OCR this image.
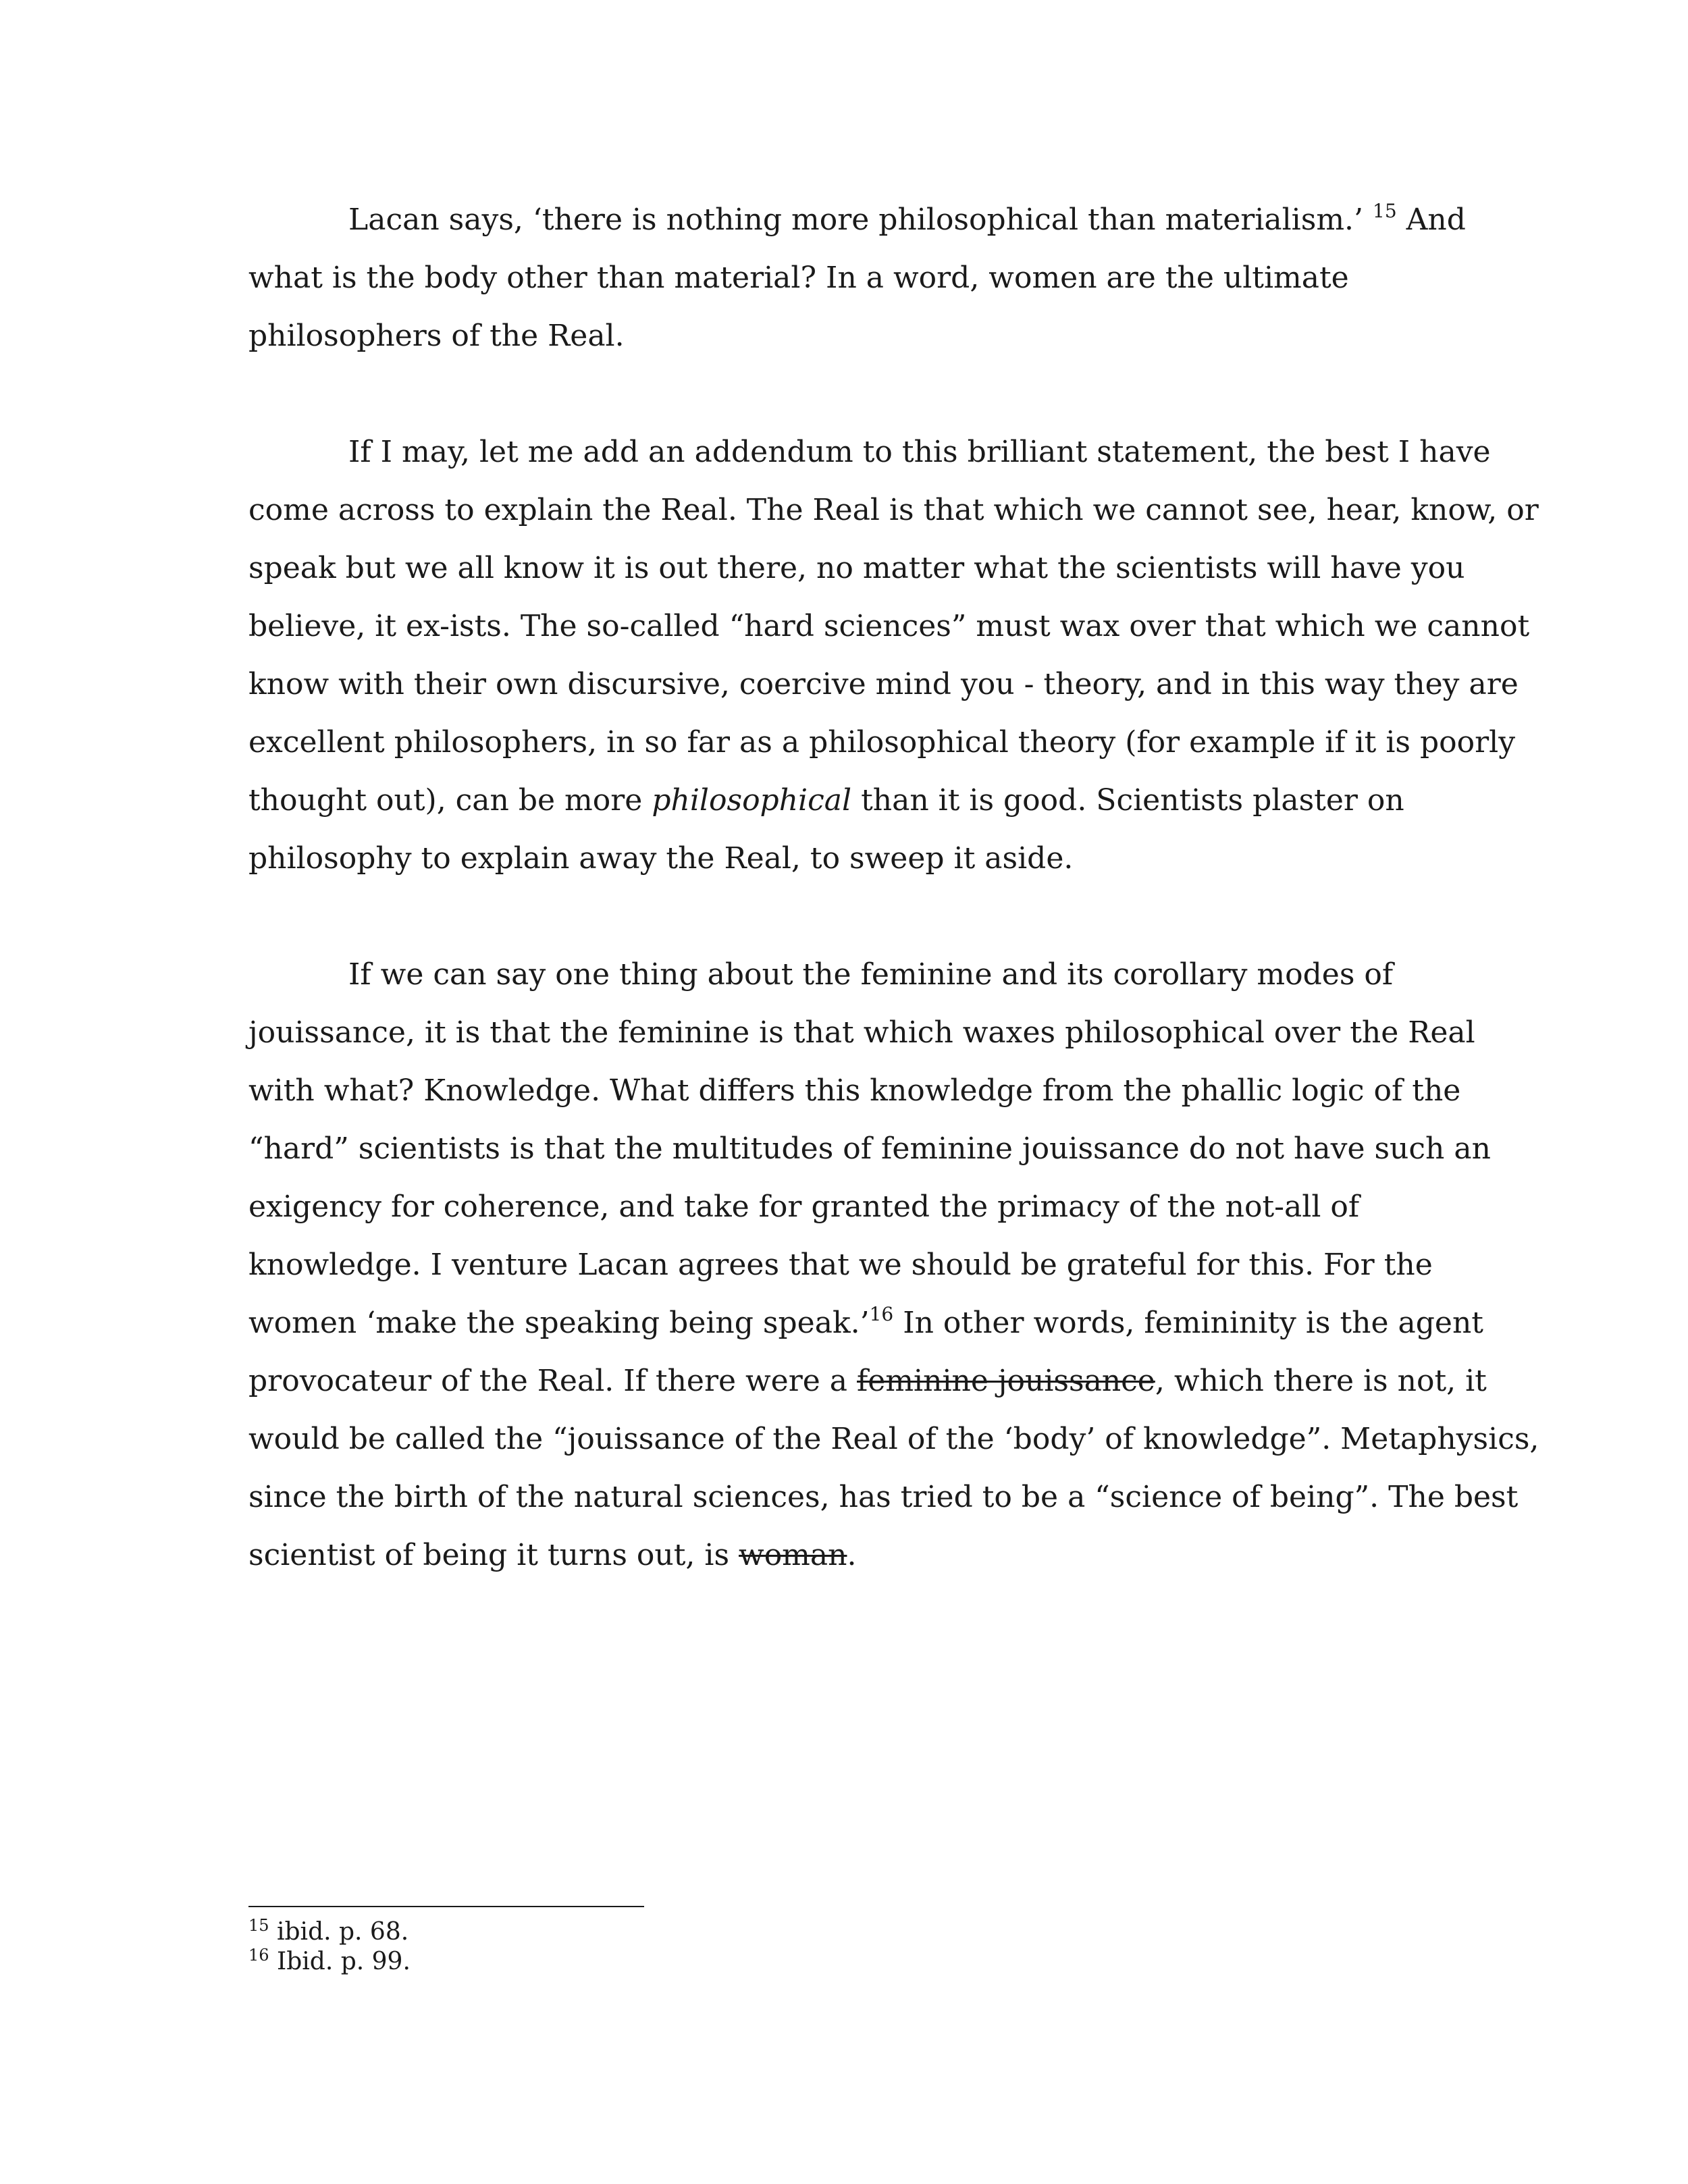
Lacan says, ‘there is nothing more philosophical than materialism.’ $^{15}$ And

what is the body other than material? In a word, women are the ultimate

philosophers of the Real.

If I may, let me add an addendum to this brilliant statement, the best I have

come across to explain the Real. The Real is that which we cannot see, hear, know, or

speak but we all know it is out there, no matter what the scientists will have you

believe, it ex-ists. The so-called “hard sciences” must wax over that which we cannot

know with their own discursive, coercive mind you - theory, and in this way they are

excellent philosophers, in so far as a philosophical theory (for example if it is poorly

thought out), can be more philosophical than it is good. Scientists plaster on

philosophy to explain away the Real, to sweep it aside.

If we can say one thing about the feminine and its corollary modes of

jouissance, it is that the feminine is that which waxes philosophical over the Real

with what? Knowledge. What differs this knowledge from the phallic logic of the

“hard” scientists is that the multitudes of feminine jouissance do not have such an

exigency for coherence, and take for granted the primacy of the not-all of

knowledge. I venture Lacan agrees that we should be grateful for this. For the

women ‘make the speaking being speak.’$^{16}$ In other words, femininity is the agent

provocateur of the Real. If there were a feminine jouissance, which there is not, it

would be called the “jouissance of the Real of the ‘body’ of knowledge”. Metaphysics,

since the birth of the natural sciences, has tried to be a “science of being”. The best

scientist of being it turns out, is woman.

$^{15}$ ibid. p. 68.

$^{16}$ Ibid. p. 99.
